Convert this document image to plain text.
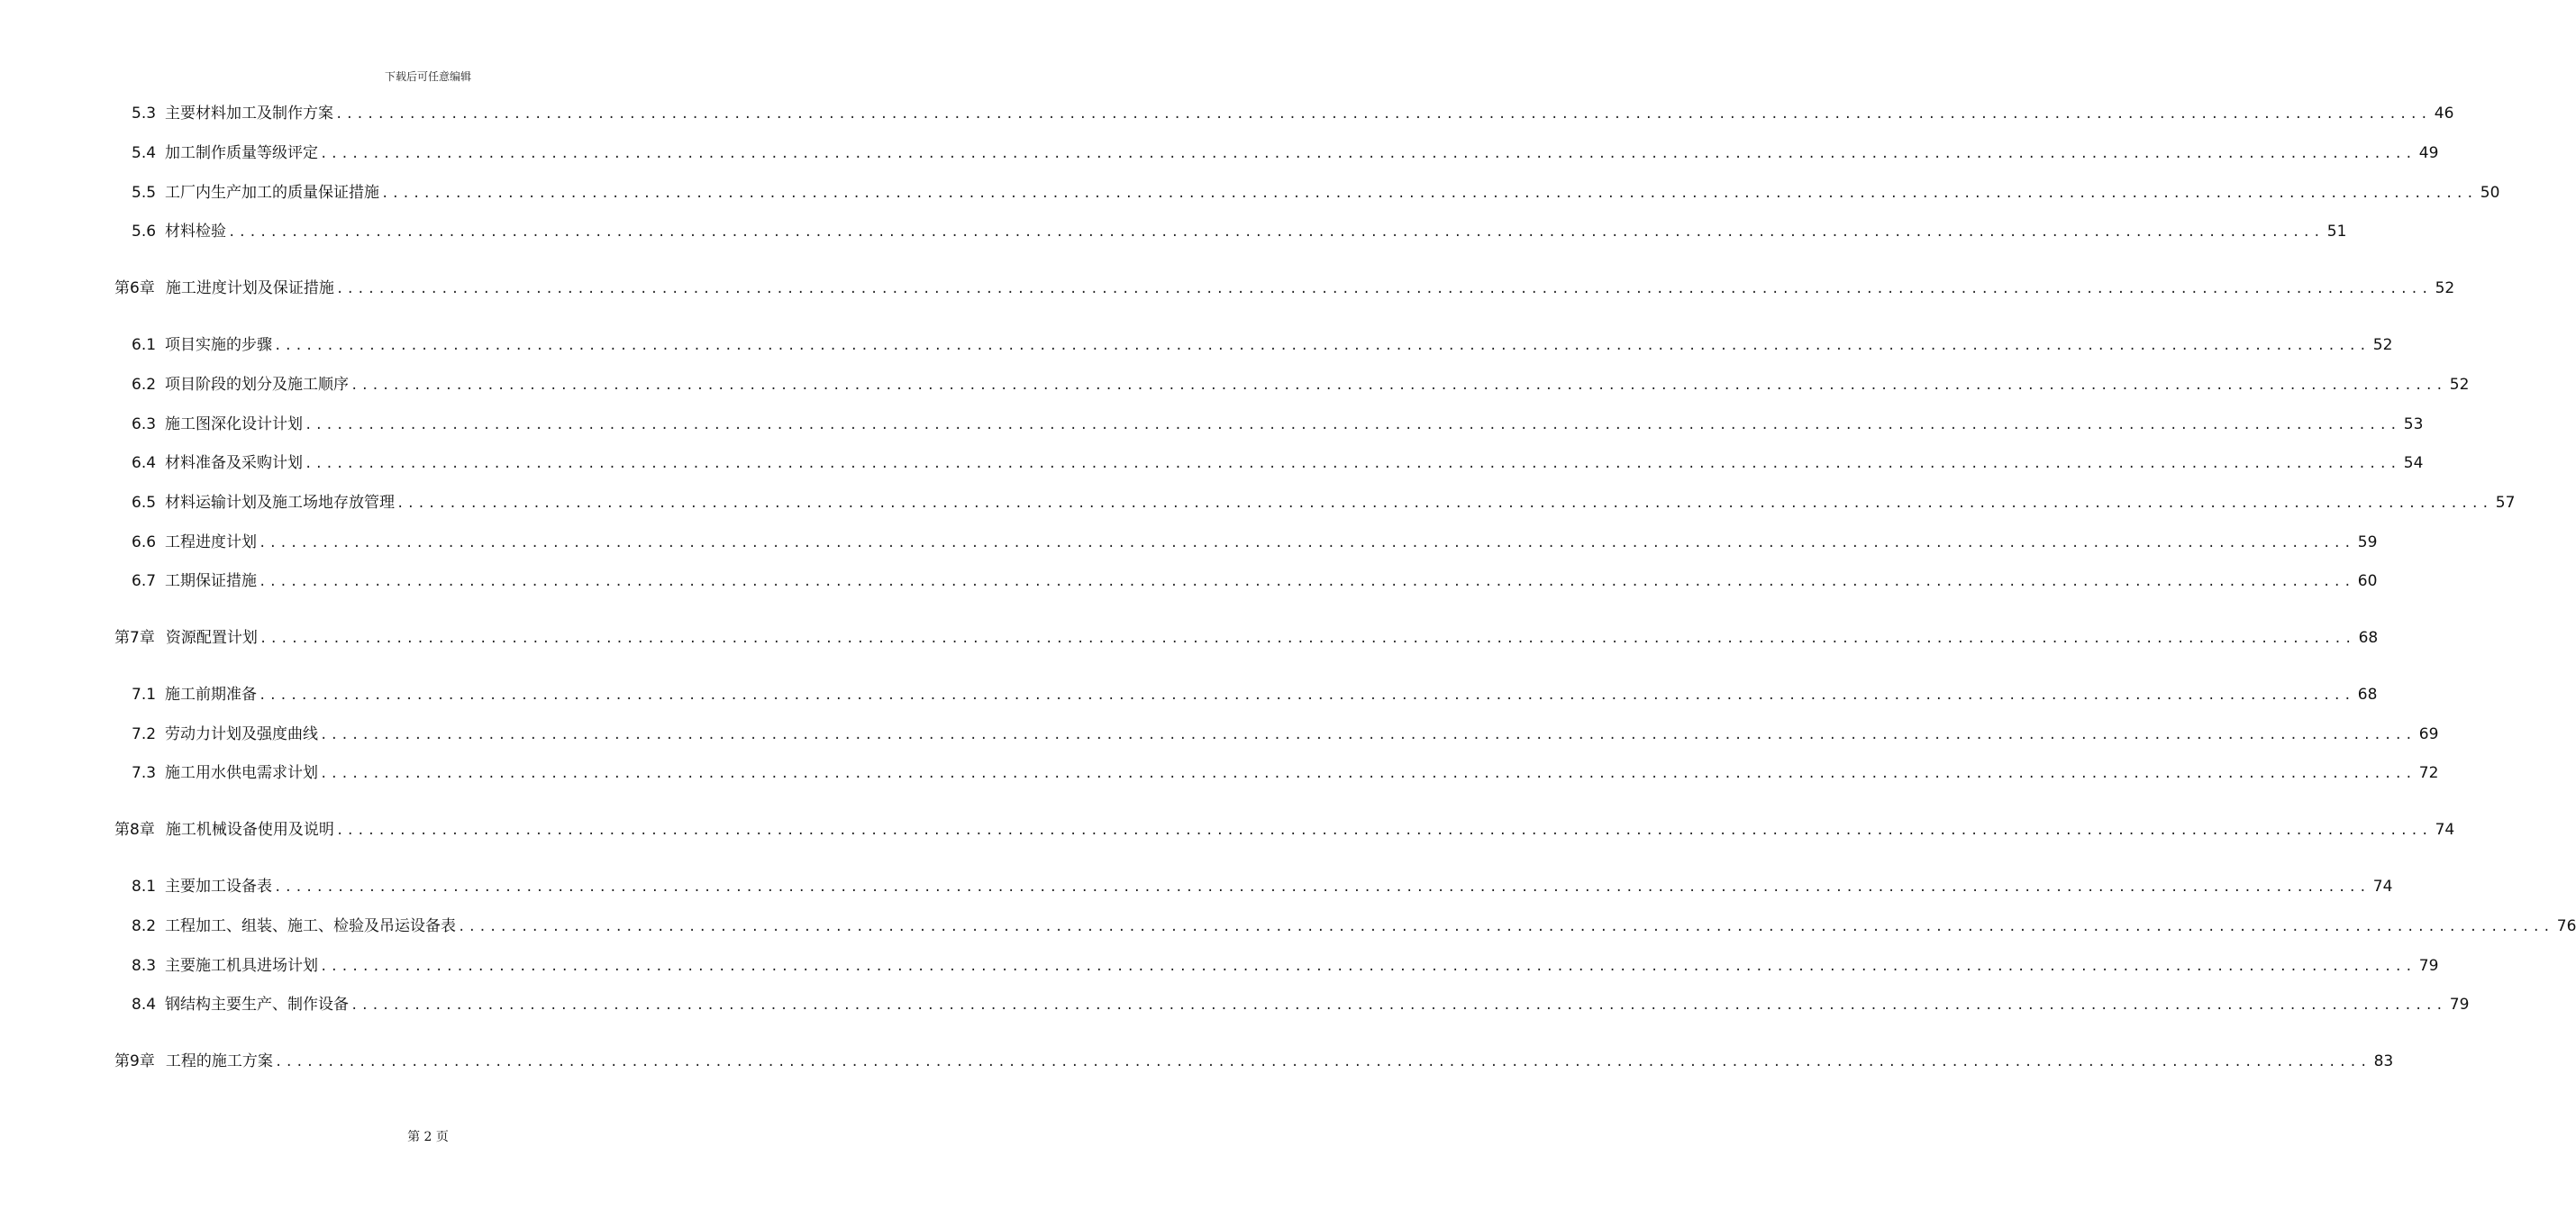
下载后可任意编辑
5.3 主要材料加工及制作方案 ........................................................................................................................................................................................................ 46
5.4 加工制作质量等级评定 ........................................................................................................................................................................................................ 49
5.5 工厂内生产加工的质量保证措施 ........................................................................................................................................................................................................ 50
5.6 材料检验 ........................................................................................................................................................................................................ 51
第6章 施工进度计划及保证措施 ........................................................................................................................................................................................................ 52
6.1 项目实施的步骤 ........................................................................................................................................................................................................ 52
6.2 项目阶段的划分及施工顺序 ........................................................................................................................................................................................................ 52
6.3 施工图深化设计计划 ........................................................................................................................................................................................................ 53
6.4 材料准备及采购计划 ........................................................................................................................................................................................................ 54
6.5 材料运输计划及施工场地存放管理 ........................................................................................................................................................................................................ 57
6.6 工程进度计划 ........................................................................................................................................................................................................ 59
6.7 工期保证措施 ........................................................................................................................................................................................................ 60
第7章 资源配置计划 ........................................................................................................................................................................................................ 68
7.1 施工前期准备 ........................................................................................................................................................................................................ 68
7.2 劳动力计划及强度曲线 ........................................................................................................................................................................................................ 69
7.3 施工用水供电需求计划 ........................................................................................................................................................................................................ 72
第8章 施工机械设备使用及说明 ........................................................................................................................................................................................................ 74
8.1 主要加工设备表 ........................................................................................................................................................................................................ 74
8.2 工程加工、组装、施工、检验及吊运设备表 ........................................................................................................................................................................................................ 76
8.3 主要施工机具进场计划 ........................................................................................................................................................................................................ 79
8.4 钢结构主要生产、制作设备 ........................................................................................................................................................................................................ 79
第9章 工程的施工方案 ........................................................................................................................................................................................................ 83
第 2 页
